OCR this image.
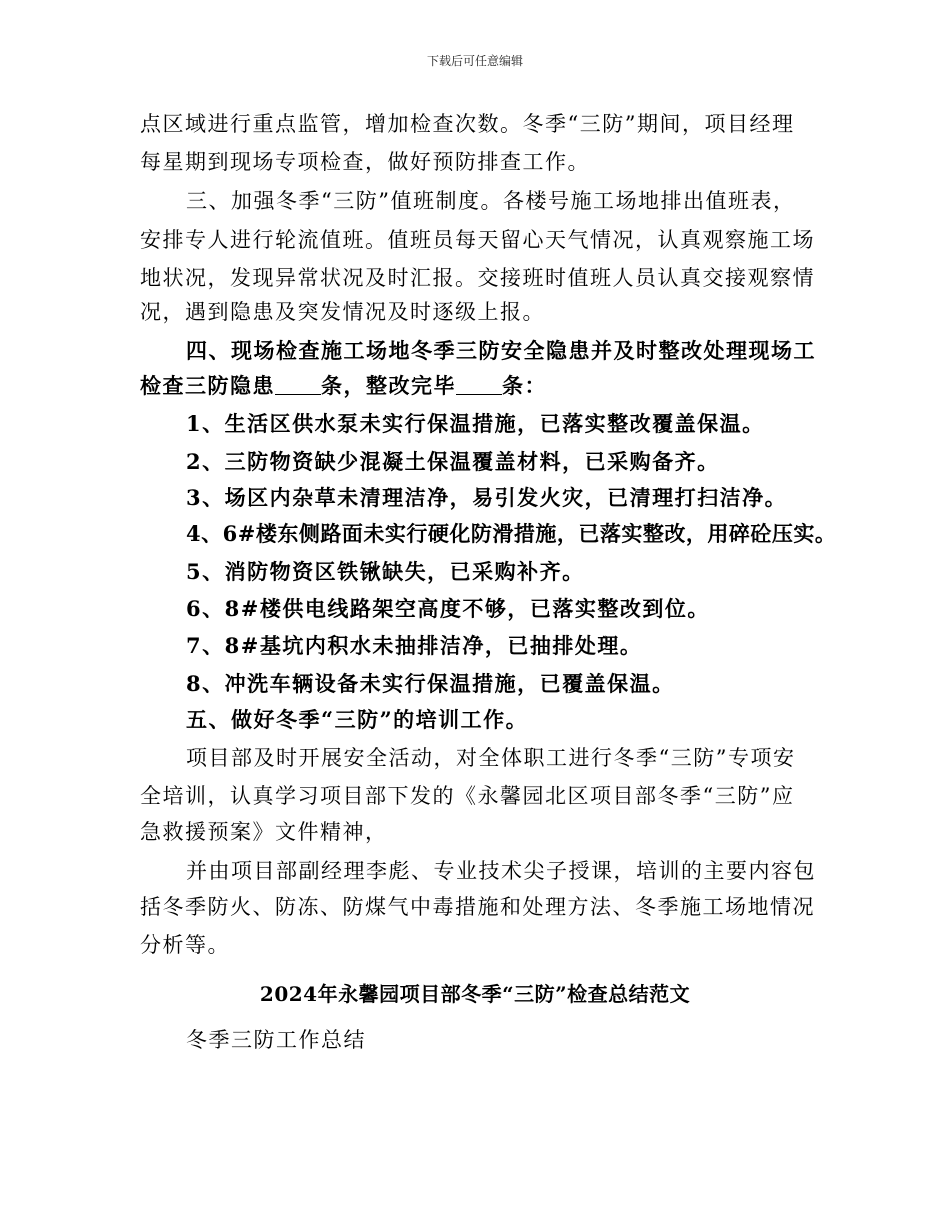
下载后可任意编辑
点区域进行重点监管，增加检查次数。冬季“三防”期间，项目经理
每星期到现场专项检查，做好预防排查工作。
三、加强冬季“三防”值班制度。各楼号施工场地排出值班表，
安排专人进行轮流值班。值班员每天留心天气情况，认真观察施工场
地状况，发现异常状况及时汇报。交接班时值班人员认真交接观察情
况，遇到隐患及突发情况及时逐级上报。
四、现场检查施工场地冬季三防安全隐患并及时整改处理现场工
检查三防隐患 条，整改完毕 条：
1、生活区供水泵未实行保温措施，已落实整改覆盖保温。
2、三防物资缺少混凝土保温覆盖材料，已采购备齐。
3、场区内杂草未清理洁净，易引发火灾，已清理打扫洁净。
4、6#楼东侧路面未实行硬化防滑措施，已落实整改，用碎砼压实。
5、消防物资区铁锹缺失，已采购补齐。
6、8#楼供电线路架空高度不够，已落实整改到位。
7、8#基坑内积水未抽排洁净，已抽排处理。
8、冲洗车辆设备未实行保温措施，已覆盖保温。
五、做好冬季“三防”的培训工作。
项目部及时开展安全活动，对全体职工进行冬季“三防”专项安
全培训，认真学习项目部下发的《永馨园北区项目部冬季“三防”应
急救援预案》文件精神，
并由项目部副经理李彪、专业技术尖子授课，培训的主要内容包
括冬季防火、防冻、防煤气中毒措施和处理方法、冬季施工场地情况
分析等。
2024年永馨园项目部冬季“三防”检查总结范文
冬季三防工作总结
